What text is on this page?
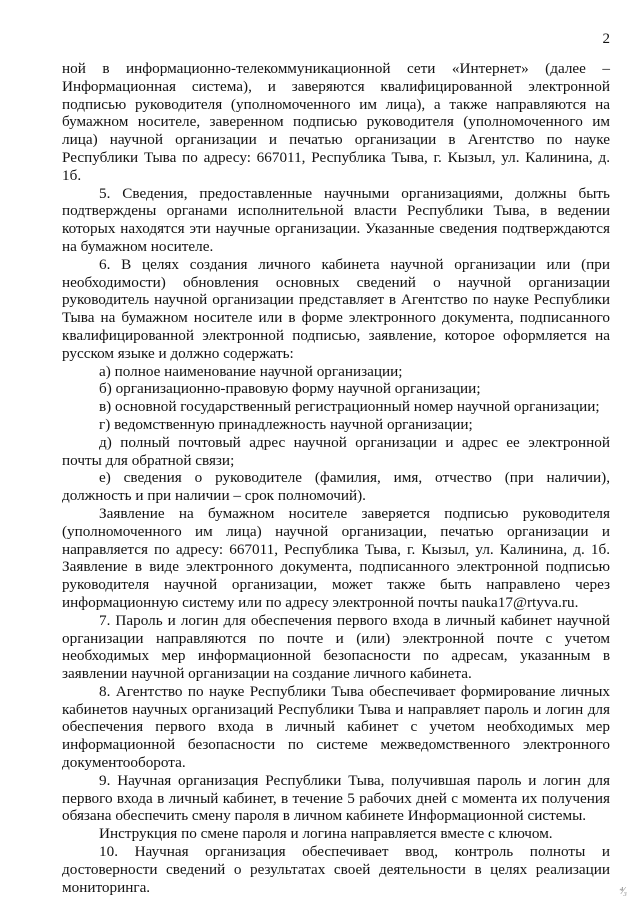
2

ной в информационно-телекоммуникационной сети «Интернет» (далее – Информационная система), и заверяются квалифицированной электронной подписью руководителя (уполномоченного им лица), а также направляются на бумажном носителе, заверенном подписью руководителя (уполномоченного им лица) научной организации и печатью организации в Агентство по науке Республики Тыва по адресу: 667011, Республика Тыва, г. Кызыл, ул. Калинина, д. 1б.

5. Сведения, предоставленные научными организациями, должны быть подтверждены органами исполнительной власти Республики Тыва, в ведении которых находятся эти научные организации. Указанные сведения подтверждаются на бумажном носителе.

6. В целях создания личного кабинета научной организации или (при необходимости) обновления основных сведений о научной организации руководитель научной организации представляет в Агентство по науке Республики Тыва на бумажном носителе или в форме электронного документа, подписанного квалифицированной электронной подписью, заявление, которое оформляется на русском языке и должно содержать:

а) полное наименование научной организации;

б) организационно-правовую форму научной организации;

в) основной государственный регистрационный номер научной организации;

г) ведомственную принадлежность научной организации;

д) полный почтовый адрес научной организации и адрес ее электронной почты для обратной связи;

е) сведения о руководителе (фамилия, имя, отчество (при наличии), должность и при наличии – срок полномочий).

Заявление на бумажном носителе заверяется подписью руководителя (уполномоченного им лица) научной организации, печатью организации и направляется по адресу: 667011, Республика Тыва, г. Кызыл, ул. Калинина, д. 1б. Заявление в виде электронного документа, подписанного электронной подписью руководителя научной организации, может также быть направлено через информационную систему или по адресу электронной почты nauka17@rtyva.ru.

7. Пароль и логин для обеспечения первого входа в личный кабинет научной организации направляются по почте и (или) электронной почте с учетом необходимых мер информационной безопасности по адресам, указанным в заявлении научной организации на создание личного кабинета.

8. Агентство по науке Республики Тыва обеспечивает формирование личных кабинетов научных организаций Республики Тыва и направляет пароль и логин для обеспечения первого входа в личный кабинет с учетом необходимых мер информационной безопасности по системе межведомственного электронного документооборота.

9. Научная организация Республики Тыва, получившая пароль и логин для первого входа в личный кабинет, в течение 5 рабочих дней с момента их получения обязана обеспечить смену пароля в личном кабинете Информационной системы.

Инструкция по смене пароля и логина направляется вместе с ключом.

10. Научная организация обеспечивает ввод, контроль полноты и достоверности сведений о результатах своей деятельности в целях реализации мониторинга.	⁴⁄₃
